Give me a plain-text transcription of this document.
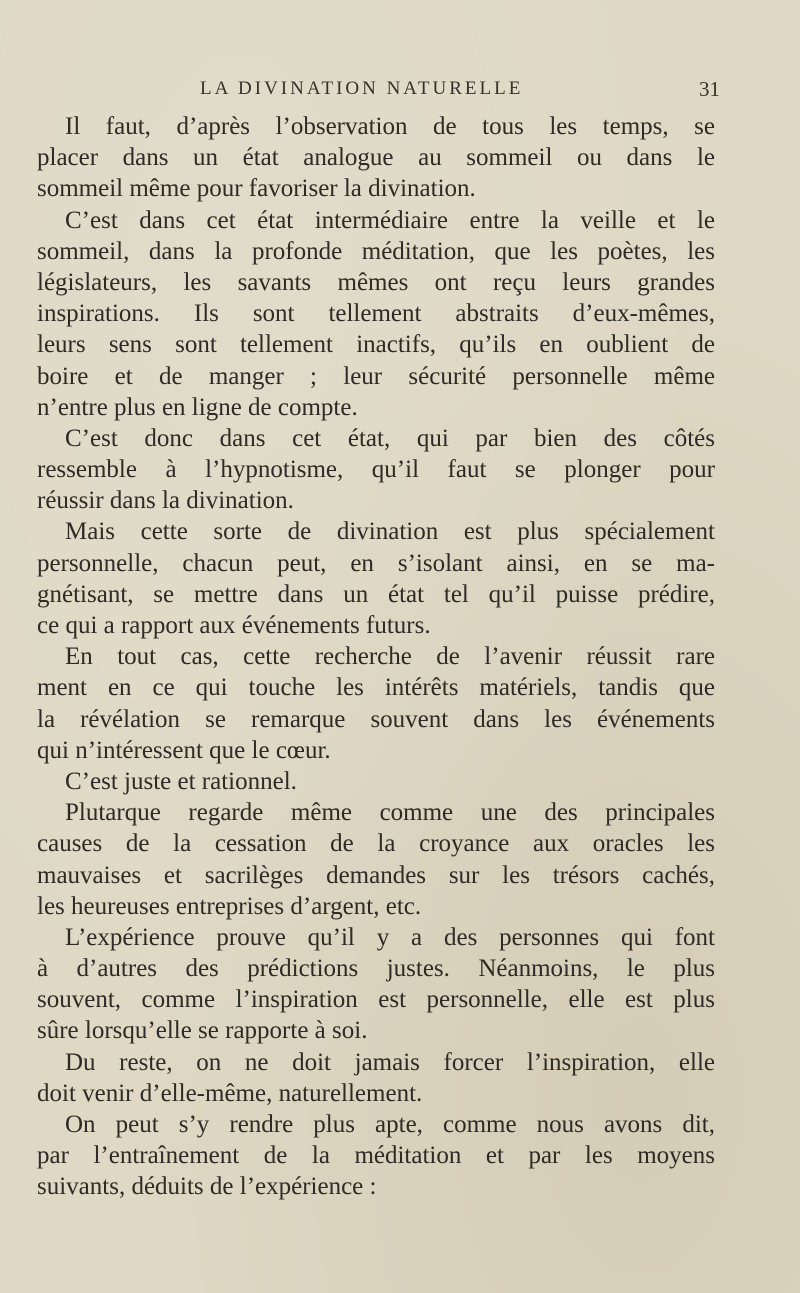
LA DIVINATION NATURELLE	31
Il faut, d’après l’observation de tous les temps, se
placer dans un état analogue au sommeil ou dans le
sommeil même pour favoriser la divination.
C’est dans cet état intermédiaire entre la veille et le
sommeil, dans la profonde méditation, que les poètes, les
législateurs, les savants mêmes ont reçu leurs grandes
inspirations. Ils sont tellement abstraits d’eux-mêmes,
leurs sens sont tellement inactifs, qu’ils en oublient de
boire et de manger ; leur sécurité personnelle même
n’entre plus en ligne de compte.
C’est donc dans cet état, qui par bien des côtés
ressemble à l’hypnotisme, qu’il faut se plonger pour
réussir dans la divination.
Mais cette sorte de divination est plus spécialement
personnelle, chacun peut, en s’isolant ainsi, en se ma-
gnétisant, se mettre dans un état tel qu’il puisse prédire,
ce qui a rapport aux événements futurs.
En tout cas, cette recherche de l’avenir réussit rare
ment en ce qui touche les intérêts matériels, tandis que
la révélation se remarque souvent dans les événements
qui n’intéressent que le cœur.
C’est juste et rationnel.
Plutarque regarde même comme une des principales
causes de la cessation de la croyance aux oracles les
mauvaises et sacrilèges demandes sur les trésors cachés,
les heureuses entreprises d’argent, etc.
L’expérience prouve qu’il y a des personnes qui font
à d’autres des prédictions justes. Néanmoins, le plus
souvent, comme l’inspiration est personnelle, elle est plus
sûre lorsqu’elle se rapporte à soi.
Du reste, on ne doit jamais forcer l’inspiration, elle
doit venir d’elle-même, naturellement.
On peut s’y rendre plus apte, comme nous avons dit,
par l’entraînement de la méditation et par les moyens
suivants, déduits de l’expérience :
